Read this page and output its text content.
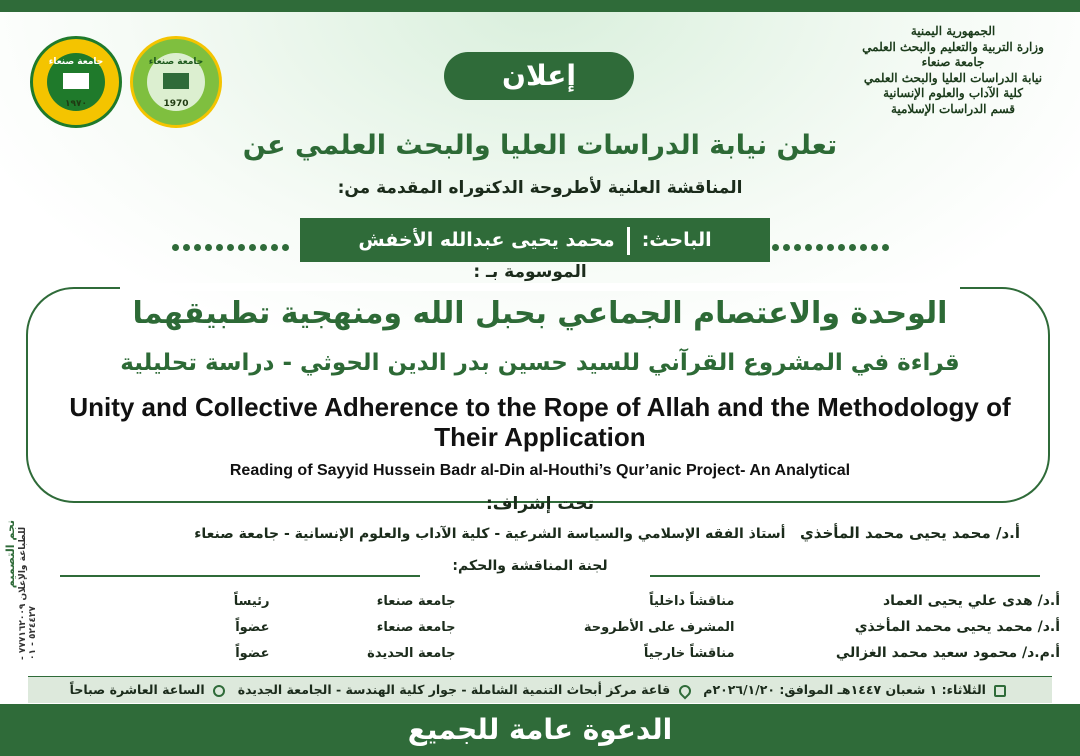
جامعة صنعاء
١٩٧٠
جامعة صنعاء
1970
الجمهورية اليمنية
وزارة التربية والتعليم والبحث العلمي
جامعة صنعاء
نيابة الدراسات العليا والبحث العلمي
كلية الآداب والعلوم الإنسانية
قسم الدراسات الإسلامية
إعلان
تعلن نيابة الدراسات العليا والبحث العلمي عن
المناقشة العلنية لأطروحة الدكتوراه المقدمة من:
الباحث:محمد يحيى عبدالله الأخفش
الموسومة بـ :
الوحدة والاعتصام الجماعي بحبل الله ومنهجية تطبيقهما
قراءة في المشروع القرآني للسيد حسين بدر الدين الحوثي - دراسة تحليلية
Unity and Collective Adherence to the Rope of Allah and the Methodology of Their Application
Reading of Sayyid Hussein Badr al-Din al-Houthi’s Qur’anic Project- An Analytical
تحت إشراف:
أ.د/ محمد يحيى محمد المأخذي   أستاذ الفقه الإسلامي والسياسة الشرعية - كلية الآداب والعلوم الإنسانية - جامعة صنعاء
نجم التصميم للطباعة والإعلان ٧٧٧١٦٢٠٠٩ - ٥٢٤٤٢٧ - ٠١
لجنة المناقشة والحكم:
أ.د/ هدى علي يحيى العماد	مناقشاً داخلياً	جامعة صنعاء	رئيساً
أ.د/ محمد يحيى محمد المأخذي	المشرف على الأطروحة	جامعة صنعاء	عضواً
أ.م.د/ محمود سعيد محمد الغزالي	مناقشاً خارجياً	جامعة الحديدة	عضواً
الثلاثاء: ١ شعبان ١٤٤٧هـ الموافق: ٢٠٢٦/١/٢٠م   قاعة مركز أبحاث التنمية الشاملة - جوار كلية الهندسة - الجامعة الجديدة   الساعة العاشرة صباحاً
الدعوة عامة للجميع
